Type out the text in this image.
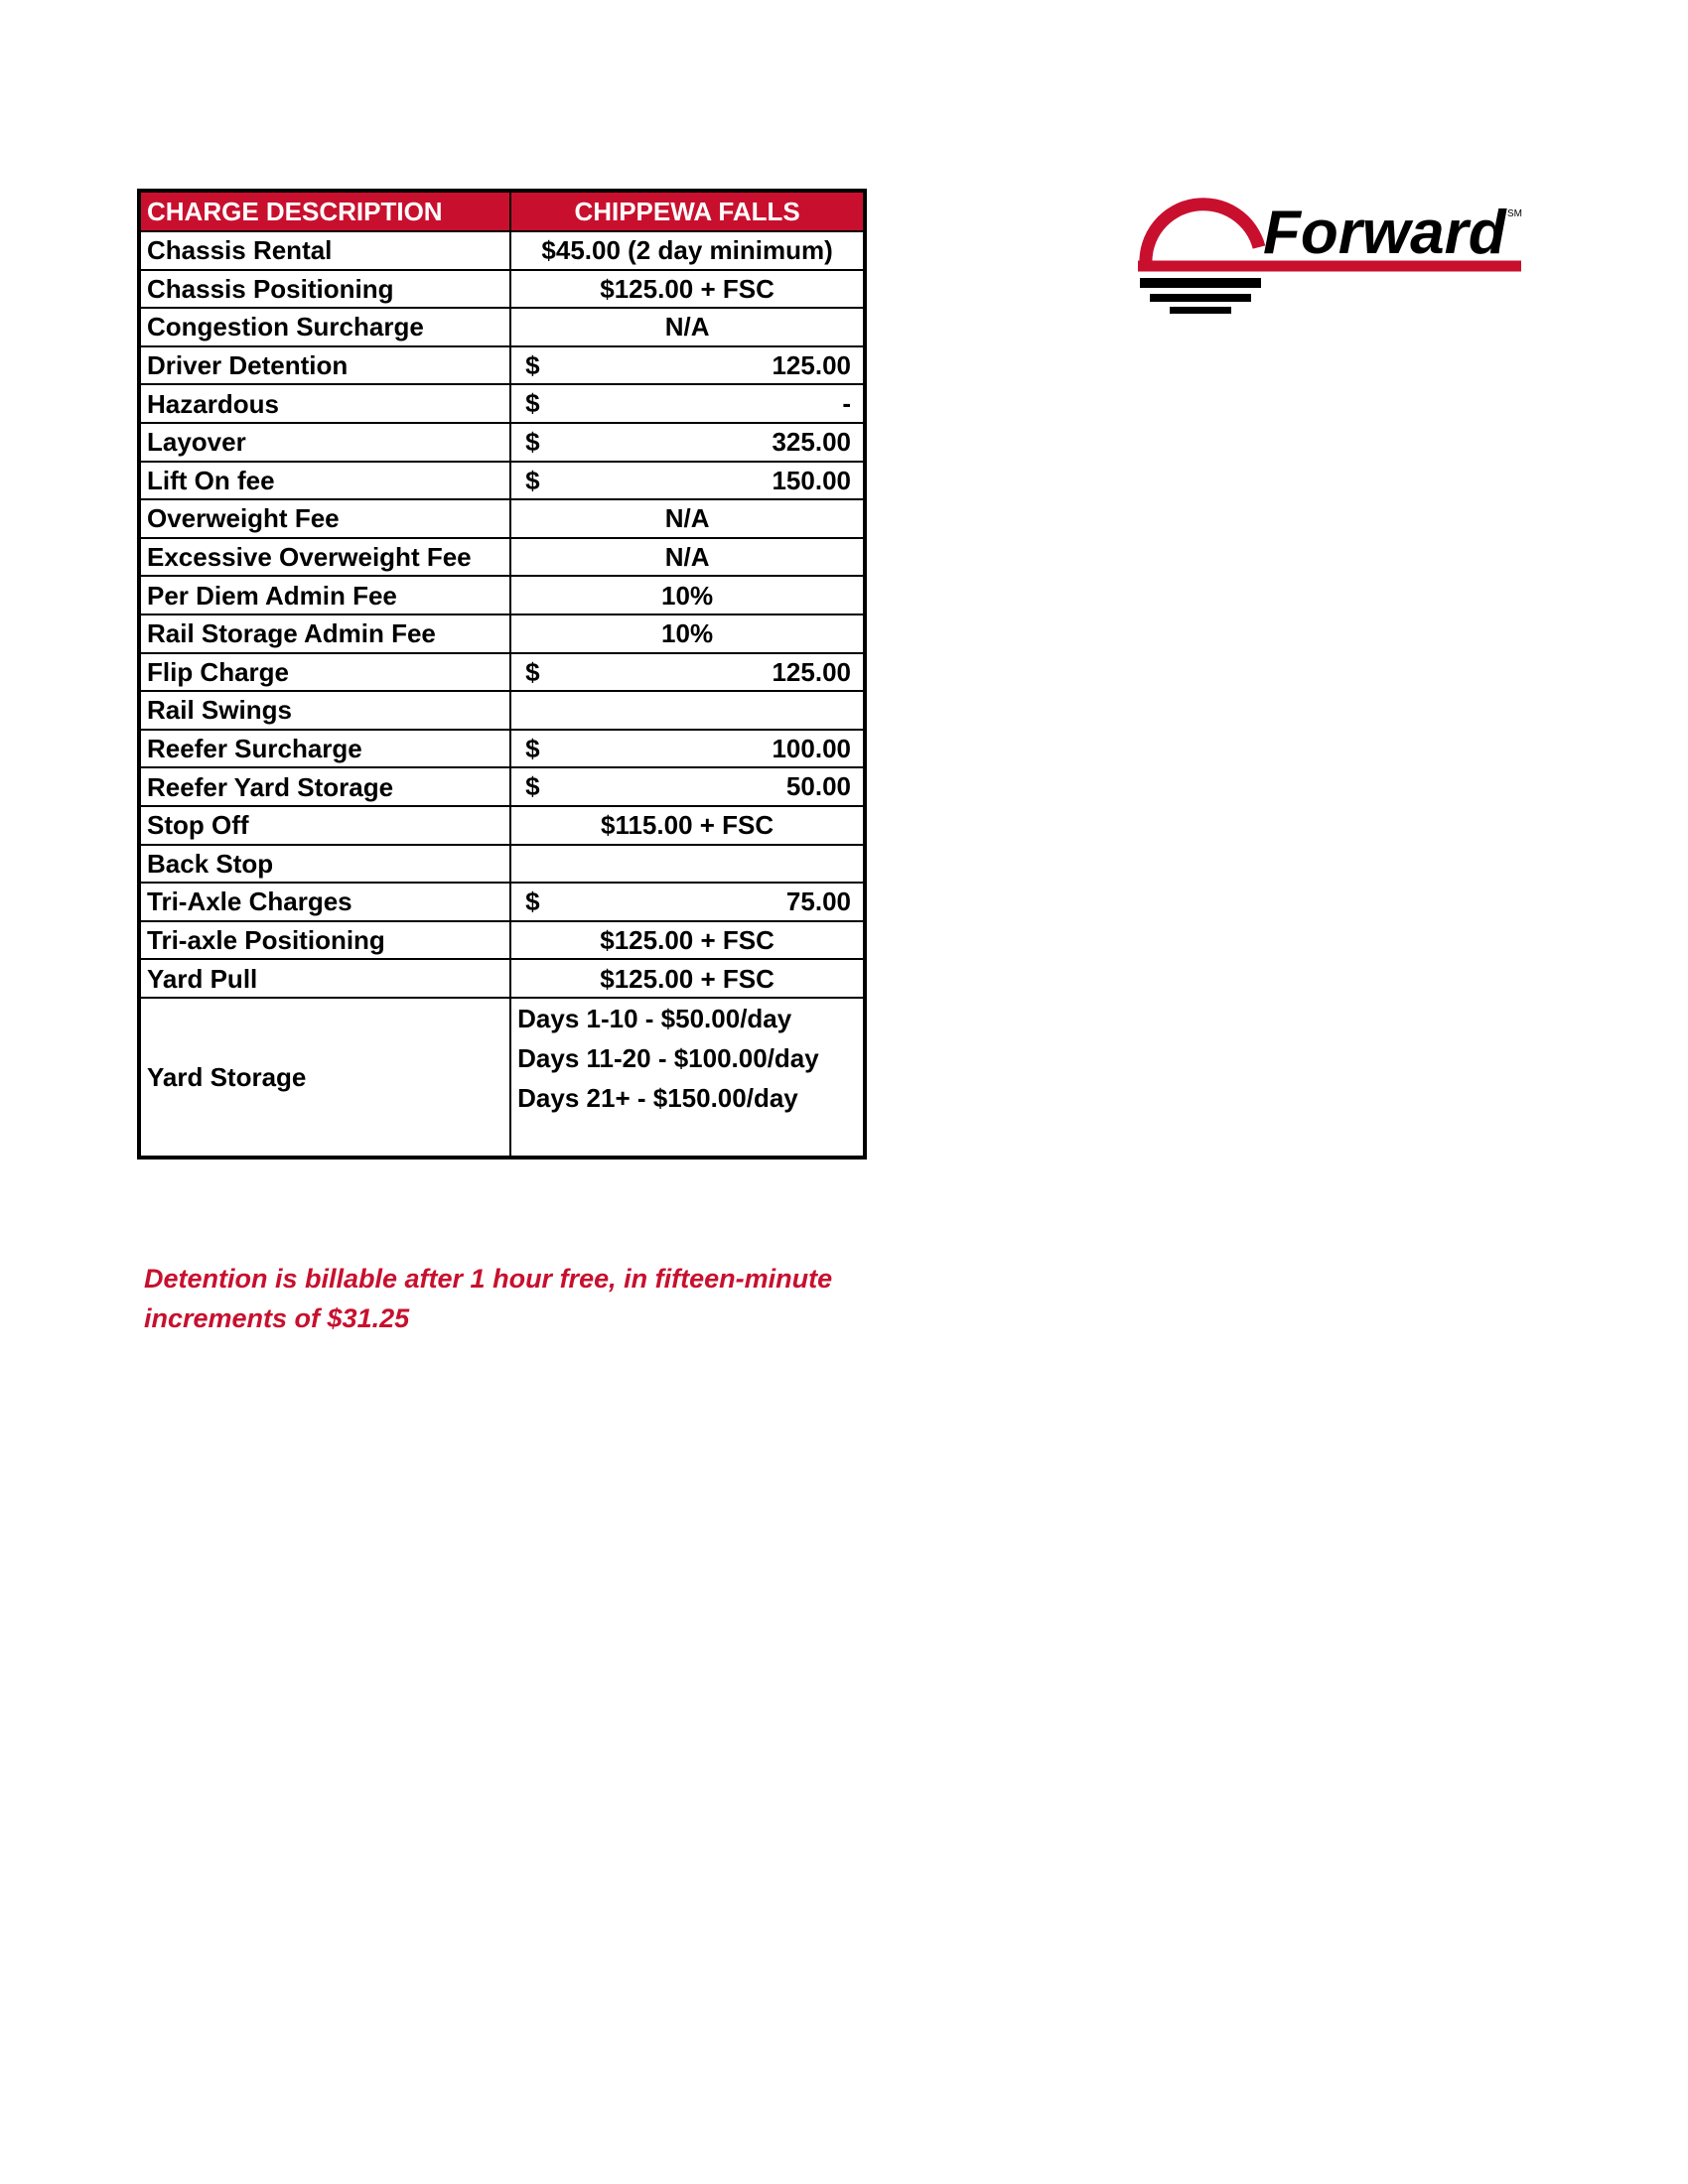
CHARGE DESCRIPTION	CHIPPEWA FALLS
Chassis Rental	$45.00 (2 day minimum)
Chassis Positioning	$125.00 + FSC
Congestion Surcharge	N/A
Driver Detention	$ 125.00

Hazardous	$ -

Layover	$ 325.00

Lift On fee	$ 150.00

Overweight Fee	N/A
Excessive Overweight Fee	N/A
Per Diem Admin Fee	10%
Rail Storage Admin Fee	10%
Flip Charge	$ 125.00

Rail Swings	
Reefer Surcharge	$ 100.00

Reefer Yard Storage	$ 50.00

Stop Off	$115.00 + FSC
Back Stop	
Tri-Axle Charges	$ 75.00

Tri-axle Positioning	$125.00 + FSC
Yard Pull	$125.00 + FSC
Yard Storage	Days 1-10 - $50.00/day
Days 11-20 - $100.00/day
Days 21+ - $150.00/day
Detention is billable after 1 hour free, in fifteen-minute
increments of $31.25
Forward SM
